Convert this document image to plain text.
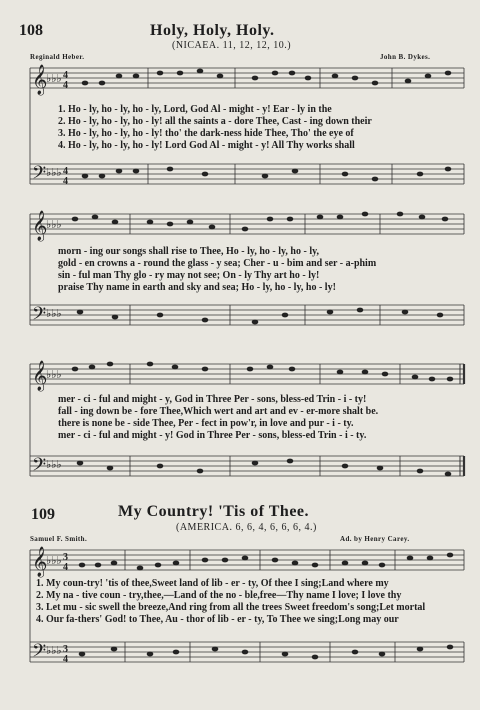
108	Holy, Holy, Holy.
(NICAEA. 11, 12, 12, 10.)
Reginald Heber.	John B. Dykes.
𝄞
𝄢
♭♭♭
♭♭♭
4
4
4
4
1. Ho - ly, ho - ly, ho - ly, Lord, God Al - might - y! Ear - ly in the
2. Ho - ly, ho - ly, ho - ly! all the saints a - dore Thee, Cast - ing down their
3. Ho - ly, ho - ly, ho - ly! tho' the dark-ness hide Thee, Tho' the eye of
4. Ho - ly, ho - ly, ho - ly! Lord God Al - might - y! All Thy works shall
𝄞
𝄢
♭♭♭
♭♭♭
morn - ing our songs shall rise to Thee, Ho - ly, ho - ly, ho - ly,
gold - en crowns a - round the glass - y sea; Cher - u - bim and ser - a-phim
sin - ful man Thy glo - ry may not see; On - ly Thy art ho - ly!
praise Thy name in earth and sky and sea; Ho - ly, ho - ly, ho - ly!
𝄞
𝄢
♭♭♭
♭♭♭
mer - ci - ful and might - y, God in Three Per - sons, bless-ed Trin - i - ty!
fall - ing down be - fore Thee,Which wert and art and ev - er-more shalt be.
there is none be - side Thee, Per - fect in pow'r, in love and pur - i - ty.
mer - ci - ful and might - y! God in Three Per - sons, bless-ed Trin - i - ty.
109	My Country! 'Tis of Thee.
(AMERICA. 6, 6, 4, 6, 6, 6, 4.)
Samuel F. Smith.	Ad. by Henry Carey.
𝄞
𝄢
♭♭♭
♭♭♭
3
4
3
4
1. My coun-try! 'tis of thee,Sweet land of lib - er - ty, Of thee I sing;Land where my
2. My na - tive coun - try,thee,—Land of the no - ble,free—Thy name I love; I love thy
3. Let mu - sic swell the breeze,And ring from all the trees Sweet freedom's song;Let mortal
4. Our fa-thers' God! to Thee, Au - thor of lib - er - ty, To Thee we sing;Long may our
